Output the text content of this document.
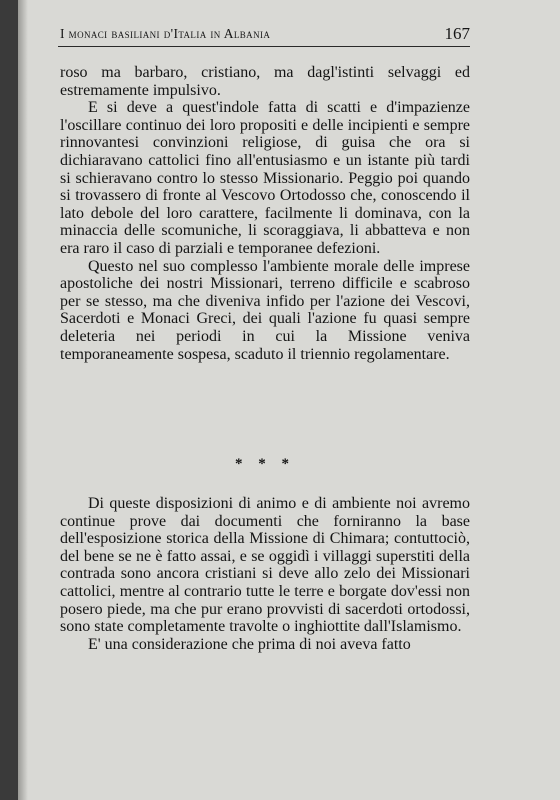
I monaci basiliani d'Italia in Albania	167

roso ma barbaro, cristiano, ma dagl'istinti selvaggi ed estremamente impulsivo.

E si deve a quest'indole fatta di scatti e d'impazienze l'oscillare continuo dei loro propositi e delle incipienti e sempre rinnovantesi convinzioni religiose, di guisa che ora si dichiaravano cattolici fino all'entusiasmo e un istante più tardi si schieravano contro lo stesso Missionario. Peggio poi quando si trovassero di fronte al Vescovo Ortodosso che, conoscendo il lato debole del loro carattere, facilmente li dominava, con la minaccia delle scomuniche, li scoraggiava, li abbatteva e non era raro il caso di parziali e temporanee defezioni.

Questo nel suo complesso l'ambiente morale delle imprese apostoliche dei nostri Missionari, terreno difficile e scabroso per se stesso, ma che diveniva infido per l'azione dei Vescovi, Sacerdoti e Monaci Greci, dei quali l'azione fu quasi sempre deleteria nei periodi in cui la Missione veniva temporaneamente sospesa, scaduto il triennio regolamentare.

* * *

Di queste disposizioni di animo e di ambiente noi avremo continue prove dai documenti che forniranno la base dell'esposizione storica della Missione di Chimara; contuttociò, del bene se ne è fatto assai, e se oggidì i villaggi superstiti della contrada sono ancora cristiani si deve allo zelo dei Missionari cattolici, mentre al contrario tutte le terre e borgate dov'essi non posero piede, ma che pur erano provvisti di sacerdoti ortodossi, sono state completamente travolte o inghiottite dall'Islamismo.

E' una considerazione che prima di noi aveva fatto
